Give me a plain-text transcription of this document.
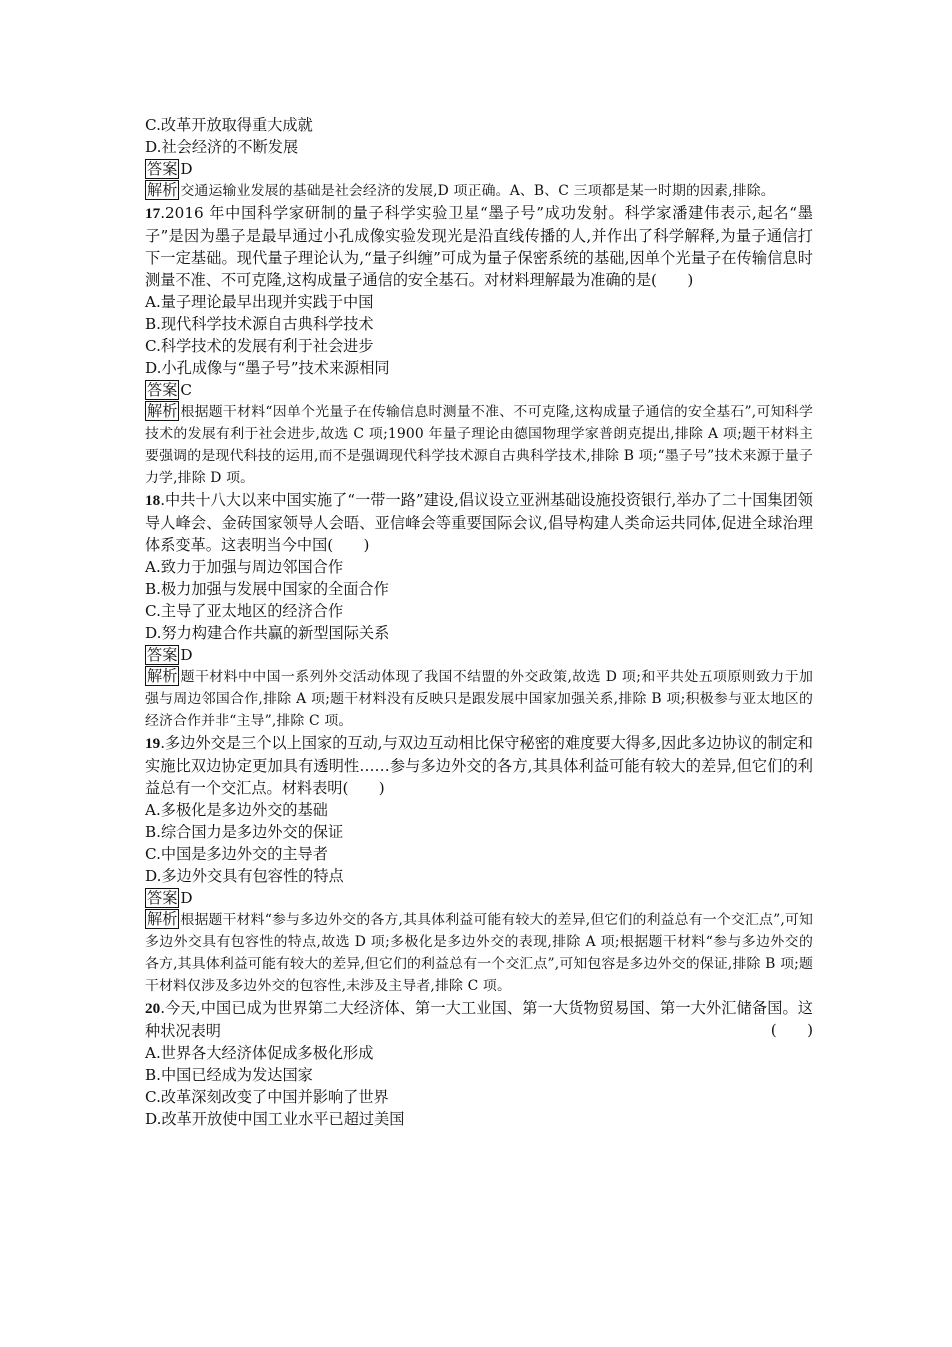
C.改革开放取得重大成就
D.社会经济的不断发展
答案 D
解析 交通运输业发展的基础是社会经济的发展,D 项正确。A、B、C 三项都是某一时期的因素,排除。
17.2016 年中国科学家研制的量子科学实验卫星“墨子号”成功发射。科学家潘建伟表示,起名“墨子”是因为墨子是最早通过小孔成像实验发现光是沿直线传播的人,并作出了科学解释,为量子通信打下一定基础。现代量子理论认为,“量子纠缠”可成为量子保密系统的基础,因单个光量子在传输信息时测量不准、不可克隆,这构成量子通信的安全基石。对材料理解最为准确的是(　　)
A.量子理论最早出现并实践于中国
B.现代科学技术源自古典科学技术
C.科学技术的发展有利于社会进步
D.小孔成像与“墨子号”技术来源相同
答案 C
解析 根据题干材料“因单个光量子在传输信息时测量不准、不可克隆,这构成量子通信的安全基石”,可知科学技术的发展有利于社会进步,故选 C 项;1900 年量子理论由德国物理学家普朗克提出,排除 A 项;题干材料主要强调的是现代科技的运用,而不是强调现代科学技术源自古典科学技术,排除 B 项;“墨子号”技术来源于量子力学,排除 D 项。
18.中共十八大以来中国实施了“一带一路”建设,倡议设立亚洲基础设施投资银行,举办了二十国集团领导人峰会、金砖国家领导人会晤、亚信峰会等重要国际会议,倡导构建人类命运共同体,促进全球治理体系变革。这表明当今中国(　　)
A.致力于加强与周边邻国合作
B.极力加强与发展中国家的全面合作
C.主导了亚太地区的经济合作
D.努力构建合作共赢的新型国际关系
答案 D
解析 题干材料中中国一系列外交活动体现了我国不结盟的外交政策,故选 D 项;和平共处五项原则致力于加强与周边邻国合作,排除 A 项;题干材料没有反映只是跟发展中国家加强关系,排除 B 项;积极参与亚太地区的经济合作并非“主导”,排除 C 项。
19.多边外交是三个以上国家的互动,与双边互动相比保守秘密的难度要大得多,因此多边协议的制定和实施比双边协定更加具有透明性……参与多边外交的各方,其具体利益可能有较大的差异,但它们的利益总有一个交汇点。材料表明(　　)
A.多极化是多边外交的基础
B.综合国力是多边外交的保证
C.中国是多边外交的主导者
D.多边外交具有包容性的特点
答案 D
解析 根据题干材料“参与多边外交的各方,其具体利益可能有较大的差异,但它们的利益总有一个交汇点”,可知多边外交具有包容性的特点,故选 D 项;多极化是多边外交的表现,排除 A 项;根据题干材料“参与多边外交的各方,其具体利益可能有较大的差异,但它们的利益总有一个交汇点”,可知包容是多边外交的保证,排除 B 项;题干材料仅涉及多边外交的包容性,未涉及主导者,排除 C 项。
20.今天,中国已成为世界第二大经济体、第一大工业国、第一大货物贸易国、第一大外汇储备国。这种状况表明	(　　)
A.世界各大经济体促成多极化形成
B.中国已经成为发达国家
C.改革深刻改变了中国并影响了世界
D.改革开放使中国工业水平已超过美国
